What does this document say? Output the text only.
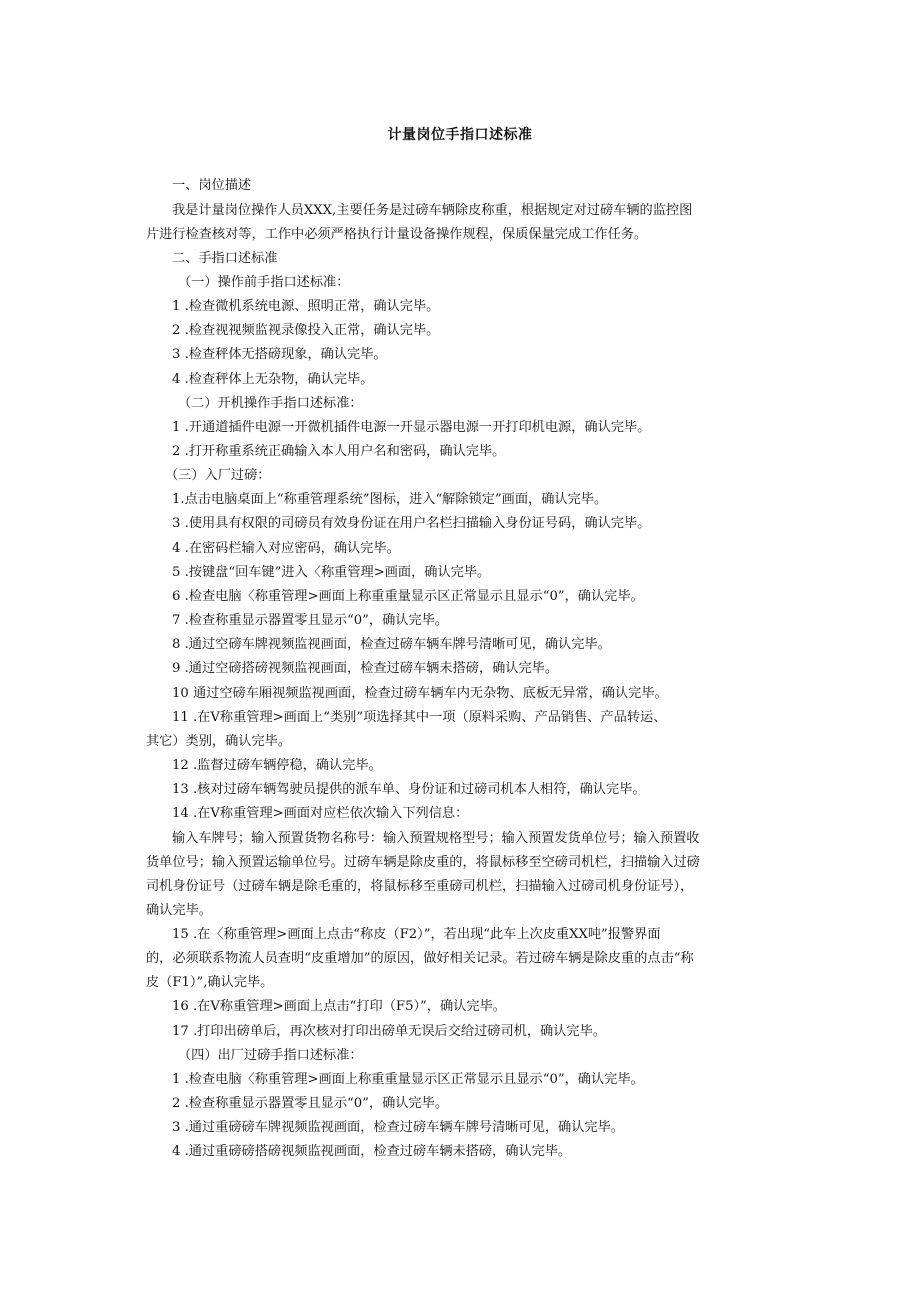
计量岗位手指口述标准
一、岗位描述
我是计量岗位操作人员XXX,主要任务是过磅车辆除皮称重，根据规定对过磅车辆的监控图
片进行检查核对等，工作中必须严格执行计量设备操作规程，保质保量完成工作任务。
二、手指口述标准
（一）操作前手指口述标准：
1 .检查微机系统电源、照明正常，确认完毕。
2 .检查视视频监视录像投入正常，确认完毕。
3 .检查秤体无搭磅现象，确认完毕。
4 .检查秤体上无杂物，确认完毕。
（二）开机操作手指口述标准：
1 .开通道插件电源一开微机插件电源一开显示器电源一开打印机电源，确认完毕。
2 .打开称重系统正确输入本人用户名和密码，确认完毕。
（三）入厂过磅：
1.点击电脑桌面上“称重管理系统”图标，进入“解除锁定”画面，确认完毕。
3 .使用具有权限的司磅员有效身份证在用户名栏扫描输入身份证号码，确认完毕。
4 .在密码栏输入对应密码，确认完毕。
5 .按键盘“回车键”进入〈称重管理>画面，确认完毕。
6 .检查电脑〈称重管理>画面上称重重量显示区正常显示且显示“0”，确认完毕。
7 .检查称重显示器置零且显示“0”，确认完毕。
8 .通过空磅车牌视频监视画面，检查过磅车辆车牌号清晰可见，确认完毕。
9 .通过空磅搭磅视频监视画面，检查过磅车辆未搭磅，确认完毕。
10 通过空磅车厢视频监视画面，检查过磅车辆车内无杂物、底板无异常，确认完毕。
11 .在V称重管理>画面上“类别”项选择其中一项（原料采购、产品销售、产品转运、
其它）类别，确认完毕。
12 .监督过磅车辆停稳，确认完毕。
13 .核对过磅车辆驾驶员提供的派车单、身份证和过磅司机本人相符，确认完毕。
14 .在V称重管理>画面对应栏依次输入下列信息：
输入车牌号；输入预置货物名称号：输入预置规格型号；输入预置发货单位号；输入预置收
货单位号；输入预置运输单位号。过磅车辆是除皮重的，将鼠标移至空磅司机栏，扫描输入过磅
司机身份证号（过磅车辆是除毛重的，将鼠标移至重磅司机栏，扫描输入过磅司机身份证号），
确认完毕。
15 .在〈称重管理>画面上点击“称皮（F2）”，若出现“此车上次皮重XX吨”报警界面
的，必须联系物流人员查明“皮重增加”的原因，做好相关记录。若过磅车辆是除皮重的点击“称
皮（F1）”,确认完毕。
16 .在V称重管理>画面上点击“打印（F5）”，确认完毕。
17 .打印出磅单后，再次核对打印出磅单无误后交给过磅司机，确认完毕。
（四）出厂过磅手指口述标准：
1 .检查电脑〈称重管理>画面上称重重量显示区正常显示且显示“0”，确认完毕。
2 .检查称重显示器置零且显示“0”，确认完毕。
3 .通过重磅磅车牌视频监视画面，检查过磅车辆车牌号清晰可见，确认完毕。
4 .通过重磅磅搭磅视频监视画面，检查过磅车辆未搭磅，确认完毕。
